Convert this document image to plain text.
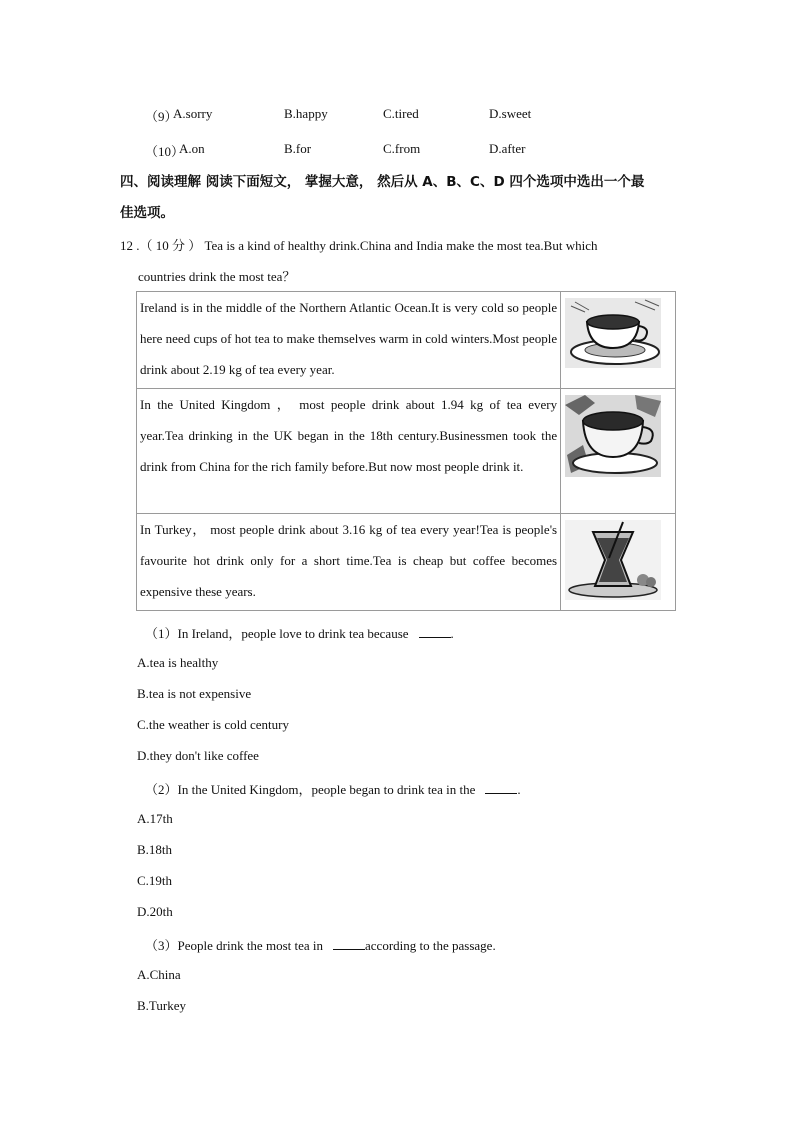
（9）
A.sorry	B.happy	C.tired	D.sweet
（10）
A.on	B.for	C.from	D.after
四、阅读理解 阅读下面短文， 掌握大意， 然后从 A、B、C、D 四个选项中选出一个最
佳选项。
12 .（ 10 分 ） Tea is a kind of healthy drink.China and India make the most tea.But which
countries drink the most tea？
Ireland is in the middle of the Northern Atlantic Ocean.It is very cold so people here need cups of hot tea to make themselves warm in cold winters.Most people drink about 2.19 kg of tea every year.	

In the United Kingdom ， most people drink about 1.94 kg of tea every year.Tea drinking in the UK began in the 18th century.Businessmen took the drink from China for the rich family before.But now most people drink it.	

In Turkey， most people drink about 3.16 kg of tea every year!Tea is people's favourite hot drink only for a short time.Tea is cheap but coffee becomes expensive these years.	
（1）In Ireland，people love to drink tea because	.
A.tea is healthy
B.tea is not expensive
C.the weather is cold century
D.they don't like coffee
（2）In the United Kingdom，people began to drink tea in the	.
A.17th
B.18th
C.19th
D.20th
（3）People drink the most tea in	according to the passage.
A.China
B.Turkey
